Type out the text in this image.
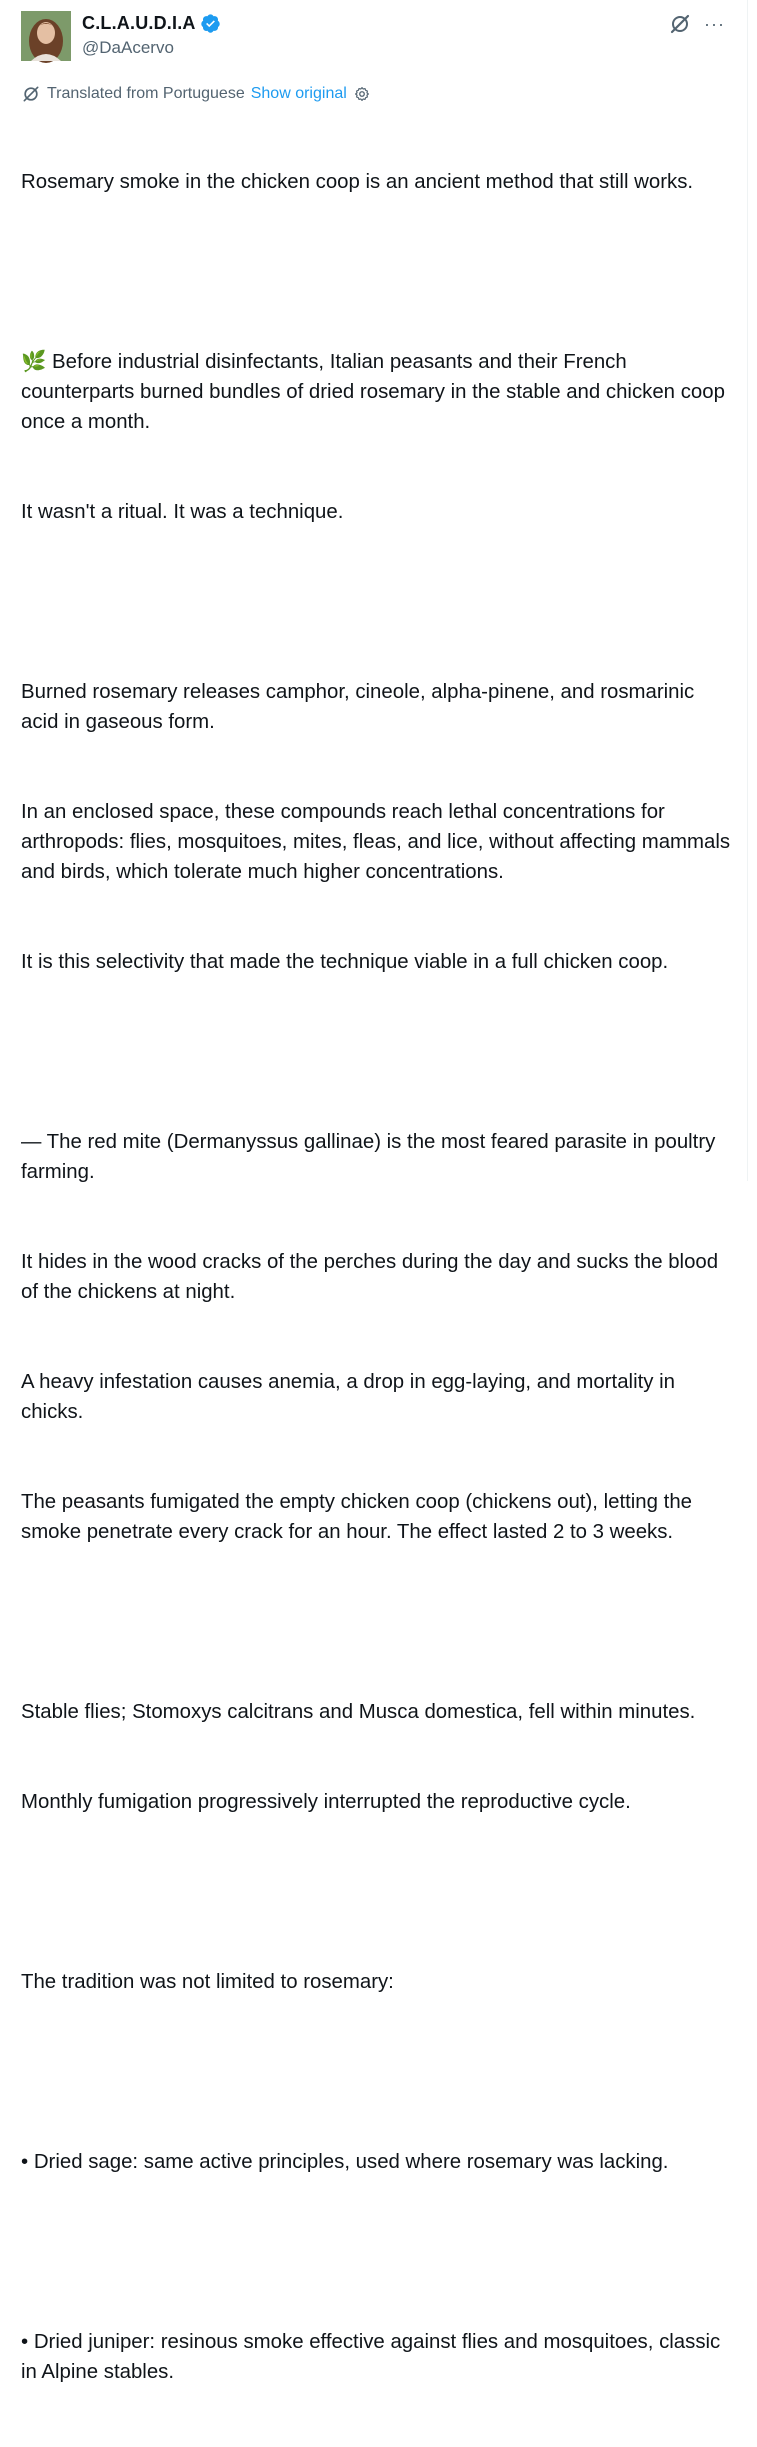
C.L.A.U.D.I.A
@DaAcervo
···
Translated from Portuguese Show original

Rosemary smoke in the chicken coop is an ancient method that still works.

🌿 Before industrial disinfectants, Italian peasants and their French counterparts burned bundles of dried rosemary in the stable and chicken coop once a month.

It wasn't a ritual. It was a technique.

Burned rosemary releases camphor, cineole, alpha-pinene, and rosmarinic acid in gaseous form.

In an enclosed space, these compounds reach lethal concentrations for arthropods: flies, mosquitoes, mites, fleas, and lice, without affecting mammals and birds, which tolerate much higher concentrations.

It is this selectivity that made the technique viable in a full chicken coop.

— The red mite (Dermanyssus gallinae) is the most feared parasite in poultry farming.

It hides in the wood cracks of the perches during the day and sucks the blood of the chickens at night.

A heavy infestation causes anemia, a drop in egg-laying, and mortality in chicks.

The peasants fumigated the empty chicken coop (chickens out), letting the smoke penetrate every crack for an hour. The effect lasted 2 to 3 weeks.

Stable flies; Stomoxys calcitrans and Musca domestica, fell within minutes.

Monthly fumigation progressively interrupted the reproductive cycle.

The tradition was not limited to rosemary:

• Dried sage: same active principles, used where rosemary was lacking.

• Dried juniper: resinous smoke effective against flies and mosquitoes, classic in Alpine stables.
